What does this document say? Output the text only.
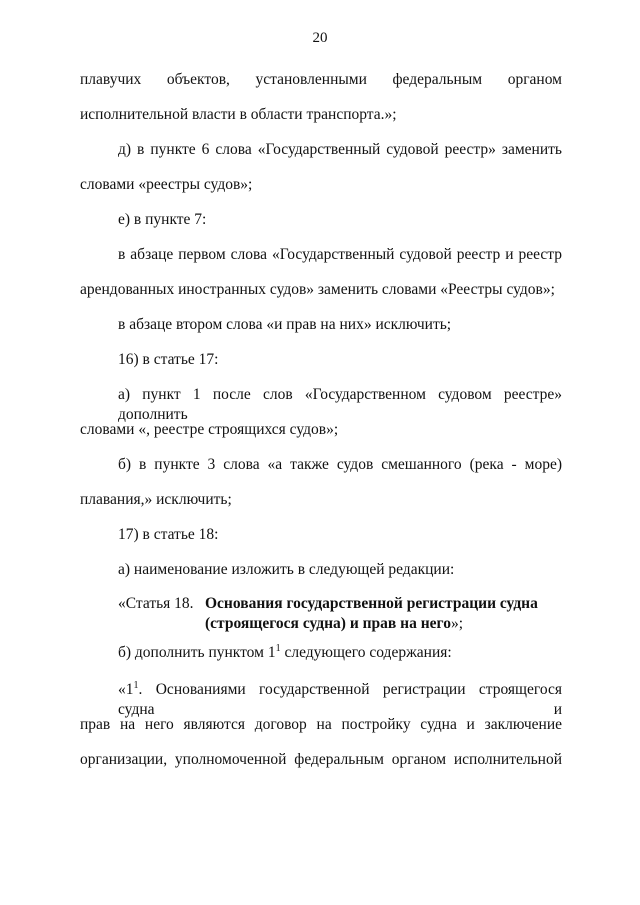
20
плавучих объектов, установленными федеральным органом
исполнительной власти в области транспорта.»;
д) в пункте 6 слова «Государственный судовой реестр» заменить
словами «реестры судов»;
е) в пункте 7:
в абзаце первом слова «Государственный судовой реестр и реестр
арендованных иностранных судов» заменить словами «Реестры судов»;
в абзаце втором слова «и прав на них» исключить;
16) в статье 17:
а) пункт 1 после слов «Государственном судовом реестре» дополнить
словами «, реестре строящихся судов»;
б) в пункте 3 слова «а также судов смешанного (река - море)
плавания,» исключить;
17) в статье 18:
а) наименование изложить в следующей редакции:
«Статья 18. Основания государственной регистрации судна
(строящегося судна) и прав на него»;
б) дополнить пунктом $1^1$ следующего содержания:
«$1^1$. Основаниями государственной регистрации строящегося судна и
прав на него являются договор на постройку судна и заключение
организации, уполномоченной федеральным органом исполнительной
